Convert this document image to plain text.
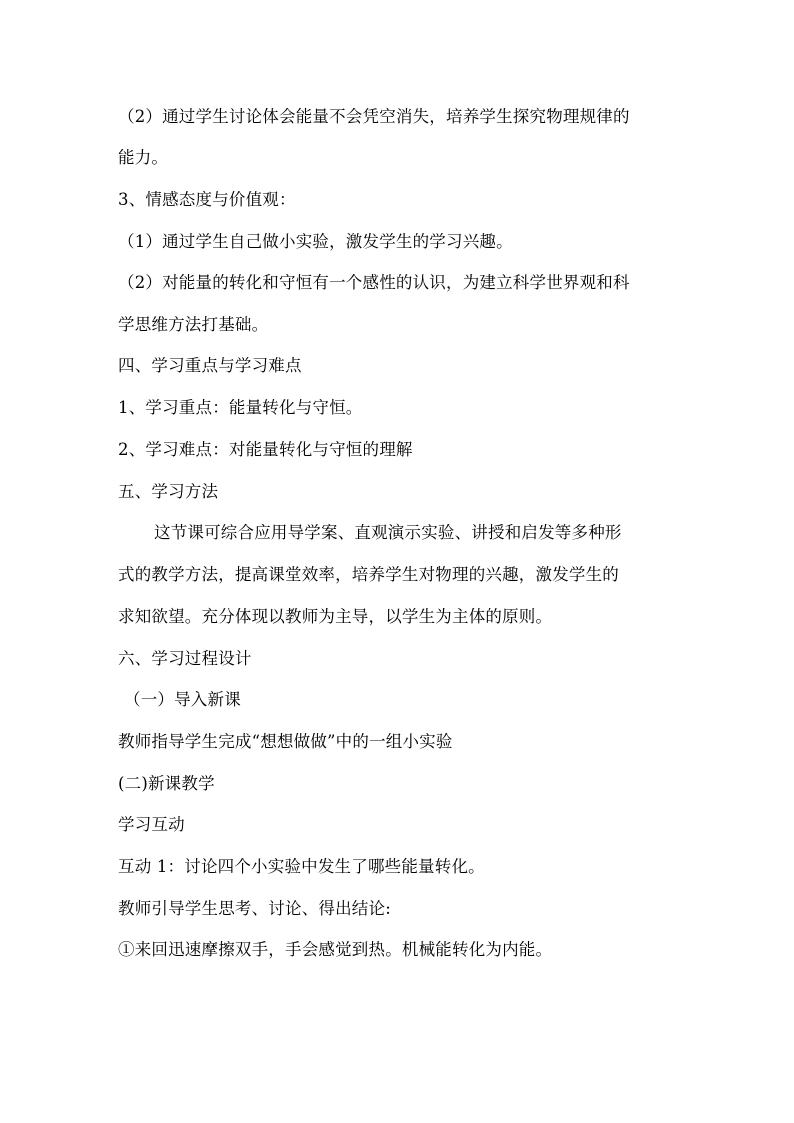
（2）通过学生讨论体会能量不会凭空消失，培养学生探究物理规律的
能力。
3、情感态度与价值观：
（1）通过学生自己做小实验，激发学生的学习兴趣。
（2）对能量的转化和守恒有一个感性的认识，为建立科学世界观和科
学思维方法打基础。
四、学习重点与学习难点
1、学习重点：能量转化与守恒。
2、学习难点：对能量转化与守恒的理解
五、学习方法
这节课可综合应用导学案、直观演示实验、讲授和启发等多种形
式的教学方法，提高课堂效率，培养学生对物理的兴趣，激发学生的
求知欲望。充分体现以教师为主导，以学生为主体的原则。
六、学习过程设计
（一）导入新课
教师指导学生完成“想想做做”中的一组小实验
(二)新课教学
学习互动
互动 1：讨论四个小实验中发生了哪些能量转化。
教师引导学生思考、讨论、得出结论:
①来回迅速摩擦双手，手会感觉到热。机械能转化为内能。
